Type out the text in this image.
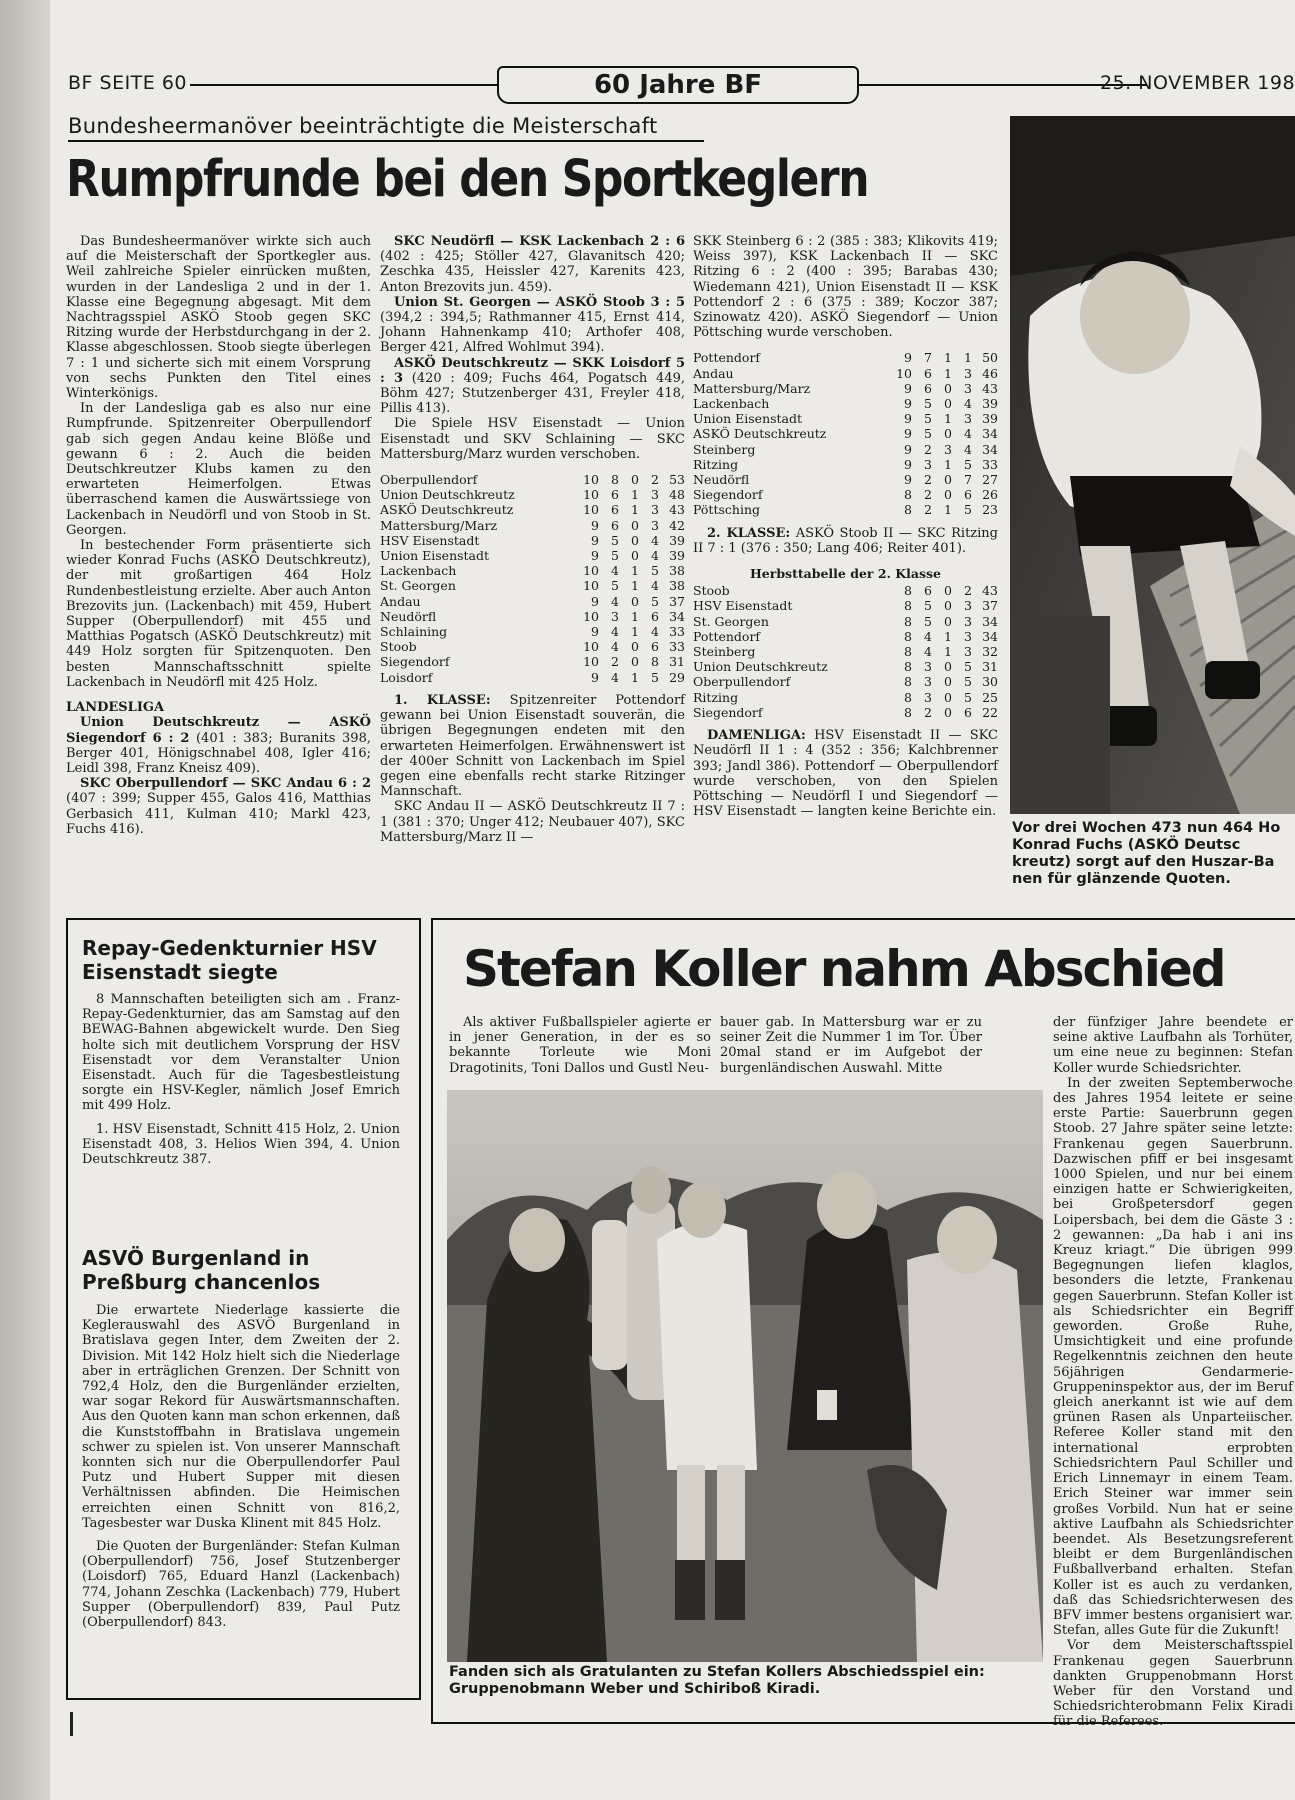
BF SEITE 60	60 Jahre BF	25. NOVEMBER 198
Bundesheermanöver beeinträchtigte die Meisterschaft
Rumpfrunde bei den Sportkeglern

Das Bundesheermanöver wirkte sich auch auf die Meisterschaft der Sportkegler aus. Weil zahlreiche Spieler einrücken mußten, wurden in der Landesliga 2 und in der 1. Klasse eine Begegnung abgesagt. Mit dem Nachtragsspiel ASKÖ Stoob gegen SKC Ritzing wurde der Herbstdurchgang in der 2. Klasse abgeschlossen. Stoob siegte überlegen 7 : 1 und sicherte sich mit einem Vorsprung von sechs Punkten den Titel eines Winterkönigs.

In der Landesliga gab es also nur eine Rumpfrunde. Spitzenreiter Oberpullendorf gab sich gegen Andau keine Blöße und gewann 6 : 2. Auch die beiden Deutschkreutzer Klubs kamen zu den erwarteten Heimerfolgen. Etwas überraschend kamen die Auswärtssiege von Lackenbach in Neudörfl und von Stoob in St. Georgen.

In bestechender Form präsentierte sich wieder Konrad Fuchs (ASKÖ Deutschkreutz), der mit großartigen 464 Holz Rundenbestleistung erzielte. Aber auch Anton Brezovits jun. (Lackenbach) mit 459, Hubert Supper (Oberpullendorf) mit 455 und Matthias Pogatsch (ASKÖ Deutschkreutz) mit 449 Holz sorgten für Spitzenquoten. Den besten Mannschaftsschnitt spielte Lackenbach in Neudörfl mit 425 Holz.

LANDESLIGA

Union Deutschkreutz — ASKÖ Siegendorf 6 : 2 (401 : 383; Buranits 398, Berger 401, Hönigschnabel 408, Igler 416; Leidl 398, Franz Kneisz 409).

SKC Oberpullendorf — SKC Andau 6 : 2 (407 : 399; Supper 455, Galos 416, Matthias Gerbasich 411, Kulman 410; Markl 423, Fuchs 416).

SKC Neudörfl — KSK Lackenbach 2 : 6 (402 : 425; Stöller 427, Glavanitsch 420; Zeschka 435, Heissler 427, Karenits 423, Anton Brezovits jun. 459).

Union St. Georgen — ASKÖ Stoob 3 : 5 (394,2 : 394,5; Rathmanner 415, Ernst 414, Johann Hahnenkamp 410; Arthofer 408, Berger 421, Alfred Wohlmut 394).

ASKÖ Deutschkreutz — SKK Loisdorf 5 : 3 (420 : 409; Fuchs 464, Pogatsch 449, Böhm 427; Stutzenberger 431, Freyler 418, Pillis 413).

Die Spiele HSV Eisenstadt — Union Eisenstadt und SKV Schlaining — SKC Mattersburg/Marz wurden verschoben.

Oberpullendorf	10	8	0	2	53
Union Deutschkreutz	10	6	1	3	48
ASKÖ Deutschkreutz	10	6	1	3	43
Mattersburg/Marz	9	6	0	3	42
HSV Eisenstadt	9	5	0	4	39
Union Eisenstadt	9	5	0	4	39
Lackenbach	10	4	1	5	38
St. Georgen	10	5	1	4	38
Andau	9	4	0	5	37
Neudörfl	10	3	1	6	34
Schlaining	9	4	1	4	33
Stoob	10	4	0	6	33
Siegendorf	10	2	0	8	31
Loisdorf	9	4	1	5	29

1. KLASSE: Spitzenreiter Pottendorf gewann bei Union Eisenstadt souverän, die übrigen Begegnungen endeten mit den erwarteten Heimerfolgen. Erwähnenswert ist der 400er Schnitt von Lackenbach im Spiel gegen eine ebenfalls recht starke Ritzinger Mannschaft.

SKC Andau II — ASKÖ Deutschkreutz II 7 : 1 (381 : 370; Unger 412; Neubauer 407), SKC Mattersburg/Marz II —

SKK Steinberg 6 : 2 (385 : 383; Klikovits 419; Weiss 397), KSK Lackenbach II — SKC Ritzing 6 : 2 (400 : 395; Barabas 430; Wiedemann 421), Union Eisenstadt II — KSK Pottendorf 2 : 6 (375 : 389; Koczor 387; Szinowatz 420). ASKÖ Siegendorf — Union Pöttsching wurde verschoben.

Pottendorf	9	7	1	1	50
Andau	10	6	1	3	46
Mattersburg/Marz	9	6	0	3	43
Lackenbach	9	5	0	4	39
Union Eisenstadt	9	5	1	3	39
ASKÖ Deutschkreutz	9	5	0	4	34
Steinberg	9	2	3	4	34
Ritzing	9	3	1	5	33
Neudörfl	9	2	0	7	27
Siegendorf	8	2	0	6	26
Pöttsching	8	2	1	5	23

2. KLASSE: ASKÖ Stoob II — SKC Ritzing II 7 : 1 (376 : 350; Lang 406; Reiter 401).

Herbsttabelle der 2. Klasse
Stoob	8	6	0	2	43
HSV Eisenstadt	8	5	0	3	37
St. Georgen	8	5	0	3	34
Pottendorf	8	4	1	3	34
Steinberg	8	4	1	3	32
Union Deutschkreutz	8	3	0	5	31
Oberpullendorf	8	3	0	5	30
Ritzing	8	3	0	5	25
Siegendorf	8	2	0	6	22

DAMENLIGA: HSV Eisenstadt II — SKC Neudörfl II 1 : 4 (352 : 356; Kalchbrenner 393; Jandl 386). Pottendorf — Oberpullendorf wurde verschoben, von den Spielen Pöttsching — Neudörfl I und Siegendorf — HSV Eisenstadt — langten keine Berichte ein.

Vor drei Wochen 473 nun 464 Ho Konrad Fuchs (ASKÖ Deutsc kreutz) sorgt auf den Huszar-Ba nen für glänzende Quoten.
Repay-Gedenkturnier HSV Eisenstadt siegte

8 Mannschaften beteiligten sich am . Franz-Repay-Gedenkturnier, das am Samstag auf den BEWAG-Bahnen abgewickelt wurde. Den Sieg holte sich mit deutlichem Vorsprung der HSV Eisenstadt vor dem Veranstalter Union Eisenstadt. Auch für die Tagesbestleistung sorgte ein HSV-Kegler, nämlich Josef Emrich mit 499 Holz.

1. HSV Eisenstadt, Schnitt 415 Holz, 2. Union Eisenstadt 408, 3. Helios Wien 394, 4. Union Deutschkreutz 387.

ASVÖ Burgenland in Preßburg chancenlos

Die erwartete Niederlage kassierte die Keglerauswahl des ASVÖ Burgenland in Bratislava gegen Inter, dem Zweiten der 2. Division. Mit 142 Holz hielt sich die Niederlage aber in erträglichen Grenzen. Der Schnitt von 792,4 Holz, den die Burgenländer erzielten, war sogar Rekord für Auswärtsmannschaften. Aus den Quoten kann man schon erkennen, daß die Kunststoffbahn in Bratislava ungemein schwer zu spielen ist. Von unserer Mannschaft konnten sich nur die Oberpullendorfer Paul Putz und Hubert Supper mit diesen Verhältnissen abfinden. Die Heimischen erreichten einen Schnitt von 816,2, Tagesbester war Duska Klinent mit 845 Holz.

Die Quoten der Burgenländer: Stefan Kulman (Oberpullendorf) 756, Josef Stutzenberger (Loisdorf) 765, Eduard Hanzl (Lackenbach) 774, Johann Zeschka (Lackenbach) 779, Hubert Supper (Oberpullendorf) 839, Paul Putz (Oberpullendorf) 843.

Stefan Koller nahm Abschied

Als aktiver Fußballspieler agierte er in jener Generation, in der es so bekannte Torleute wie Moni Dragotinits, Toni Dallos und Gustl Neu-

bauer gab. In Mattersburg war er zu seiner Zeit die Nummer 1 im Tor. Über 20mal stand er im Aufgebot der burgenländischen Auswahl. Mitte

der fünfziger Jahre beendete er seine aktive Laufbahn als Torhüter, um eine neue zu beginnen: Stefan Koller wurde Schiedsrichter.

In der zweiten Septemberwoche des Jahres 1954 leitete er seine erste Partie: Sauerbrunn gegen Stoob. 27 Jahre später seine letzte: Frankenau gegen Sauerbrunn. Dazwischen pfiff er bei insgesamt 1000 Spielen, und nur bei einem einzigen hatte er Schwierigkeiten, bei Großpetersdorf gegen Loipersbach, bei dem die Gäste 3 : 2 gewannen: „Da hab i ani ins Kreuz kriagt.“ Die übrigen 999 Begegnungen liefen klaglos, besonders die letzte, Frankenau gegen Sauerbrunn. Stefan Koller ist als Schiedsrichter ein Begriff geworden. Große Ruhe, Umsichtigkeit und eine profunde Regelkenntnis zeichnen den heute 56jährigen Gendarmerie-Gruppeninspektor aus, der im Beruf gleich anerkannt ist wie auf dem grünen Rasen als Unparteiischer. Referee Koller stand mit den international erprobten Schiedsrichtern Paul Schiller und Erich Linnemayr in einem Team. Erich Steiner war immer sein großes Vorbild. Nun hat er seine aktive Laufbahn als Schiedsrichter beendet. Als Besetzungsreferent bleibt er dem Burgenländischen Fußballverband erhalten. Stefan Koller ist es auch zu verdanken, daß das Schiedsrichterwesen des BFV immer bestens organisiert war. Stefan, alles Gute für die Zukunft!

Vor dem Meisterschaftsspiel Frankenau gegen Sauerbrunn dankten Gruppenobmann Horst Weber für den Vorstand und Schiedsrichterobmann Felix Kiradi für die Referees.

Fanden sich als Gratulanten zu Stefan Kollers Abschiedsspiel ein: Gruppenobmann Weber und Schiriboß Kiradi.
